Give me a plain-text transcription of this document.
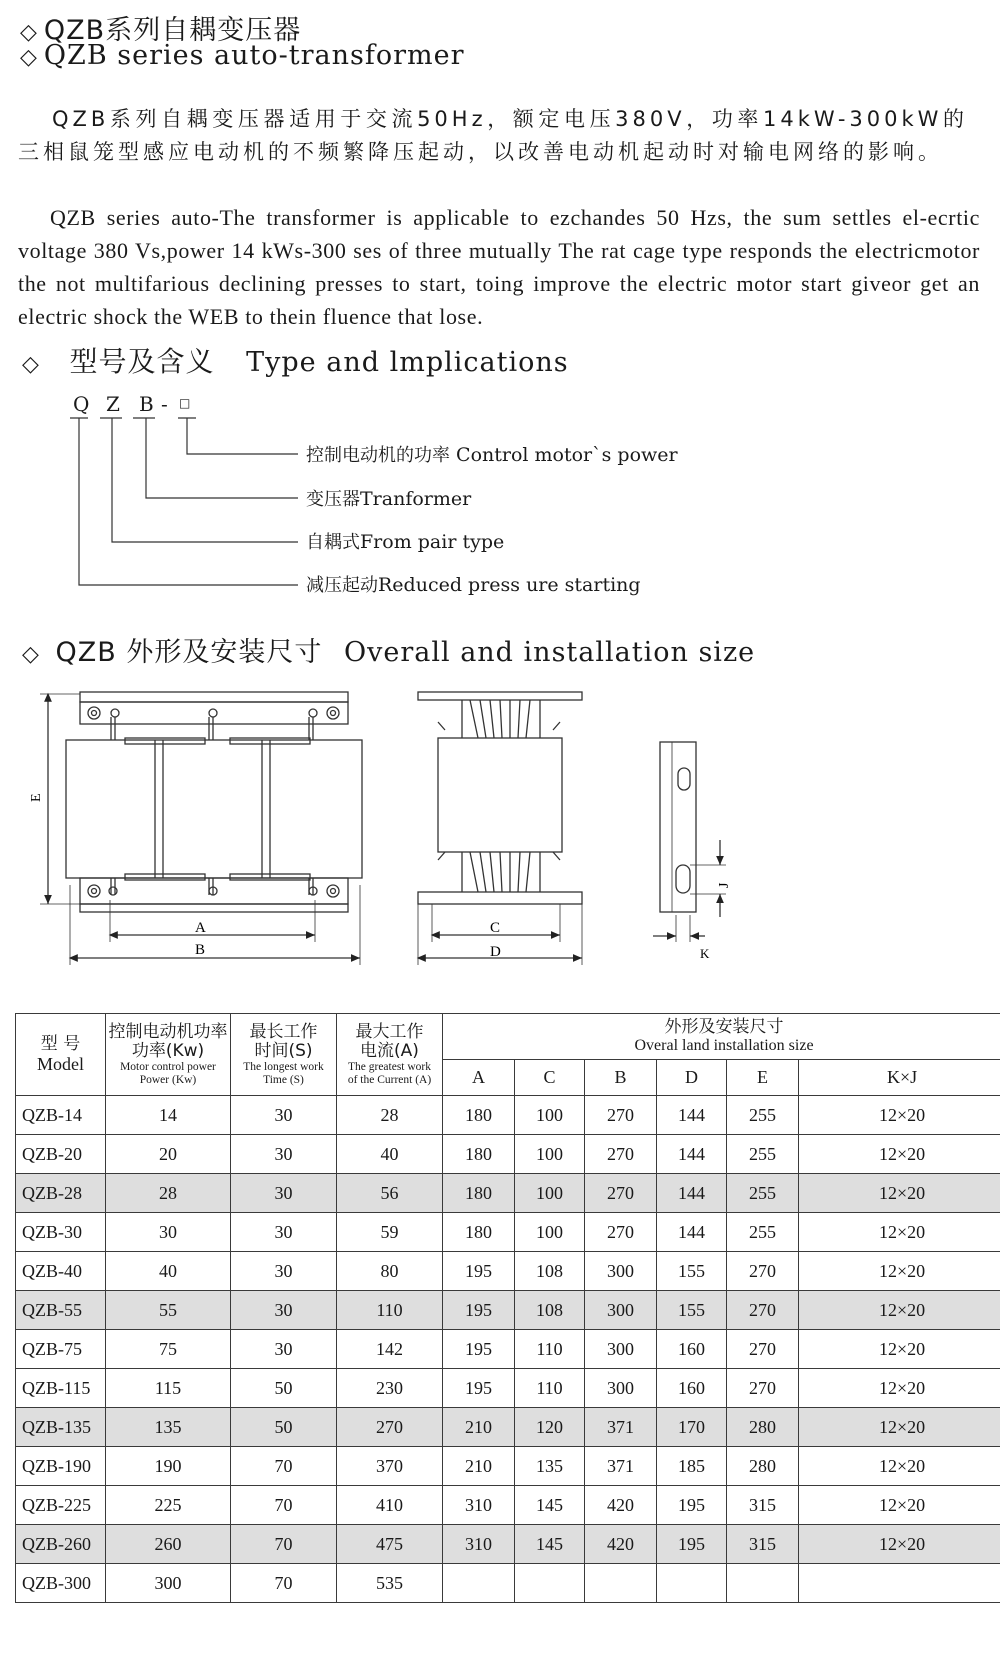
◇ QZB系列自耦变压器
◇ QZB series auto-transformer
QZB系列自耦变压器适用于交流50Hz，额定电压380V，功率14kW-300kW的三相鼠笼型感应电动机的不频繁降压起动，以改善电动机起动时对输电网络的影响。
QZB series auto-The transformer is applicable to ezchandes 50 Hzs, the sum settles el-ecrtic voltage 380 Vs,power 14 kWs-300 ses of three mutually The rat cage type responds the electricmotor the not multifarious declining presses to start, toing improve the electric motor start giveor get an electric shock the WEB to thein fluence that lose.
◇ 型号及含义 Type and lmplications
Q Z B - □
控制电动机的功率 Control motor`s power
变压器Tranformer
自耦式From pair type
减压起动Reduced press ure starting
◇ QZB 外形及安装尺寸 Overall and installation size
E
A
B
C
D
J
K
型 号
Model	控制电动机功率
功率(Kw)
Motor control power
Power (Kw)	最长工作
时间(S)
The longest work
Time (S)	最大工作
电流(A)
The greatest work
of the Current (A)	外形及安装尺寸
Overal land installation size					

				A	C	B	D	E	K×J

QZB-14	14	30	28	180	100	270	144	255	12×20
QZB-20	20	30	40	180	100	270	144	255	12×20
QZB-28	28	30	56	180	100	270	144	255	12×20
QZB-30	30	30	59	180	100	270	144	255	12×20
QZB-40	40	30	80	195	108	300	155	270	12×20
QZB-55	55	30	110	195	108	300	155	270	12×20
QZB-75	75	30	142	195	110	300	160	270	12×20
QZB-115	115	50	230	195	110	300	160	270	12×20
QZB-135	135	50	270	210	120	371	170	280	12×20
QZB-190	190	70	370	210	135	371	185	280	12×20
QZB-225	225	70	410	310	145	420	195	315	12×20
QZB-260	260	70	475	310	145	420	195	315	12×20
QZB-300	300	70	535						
